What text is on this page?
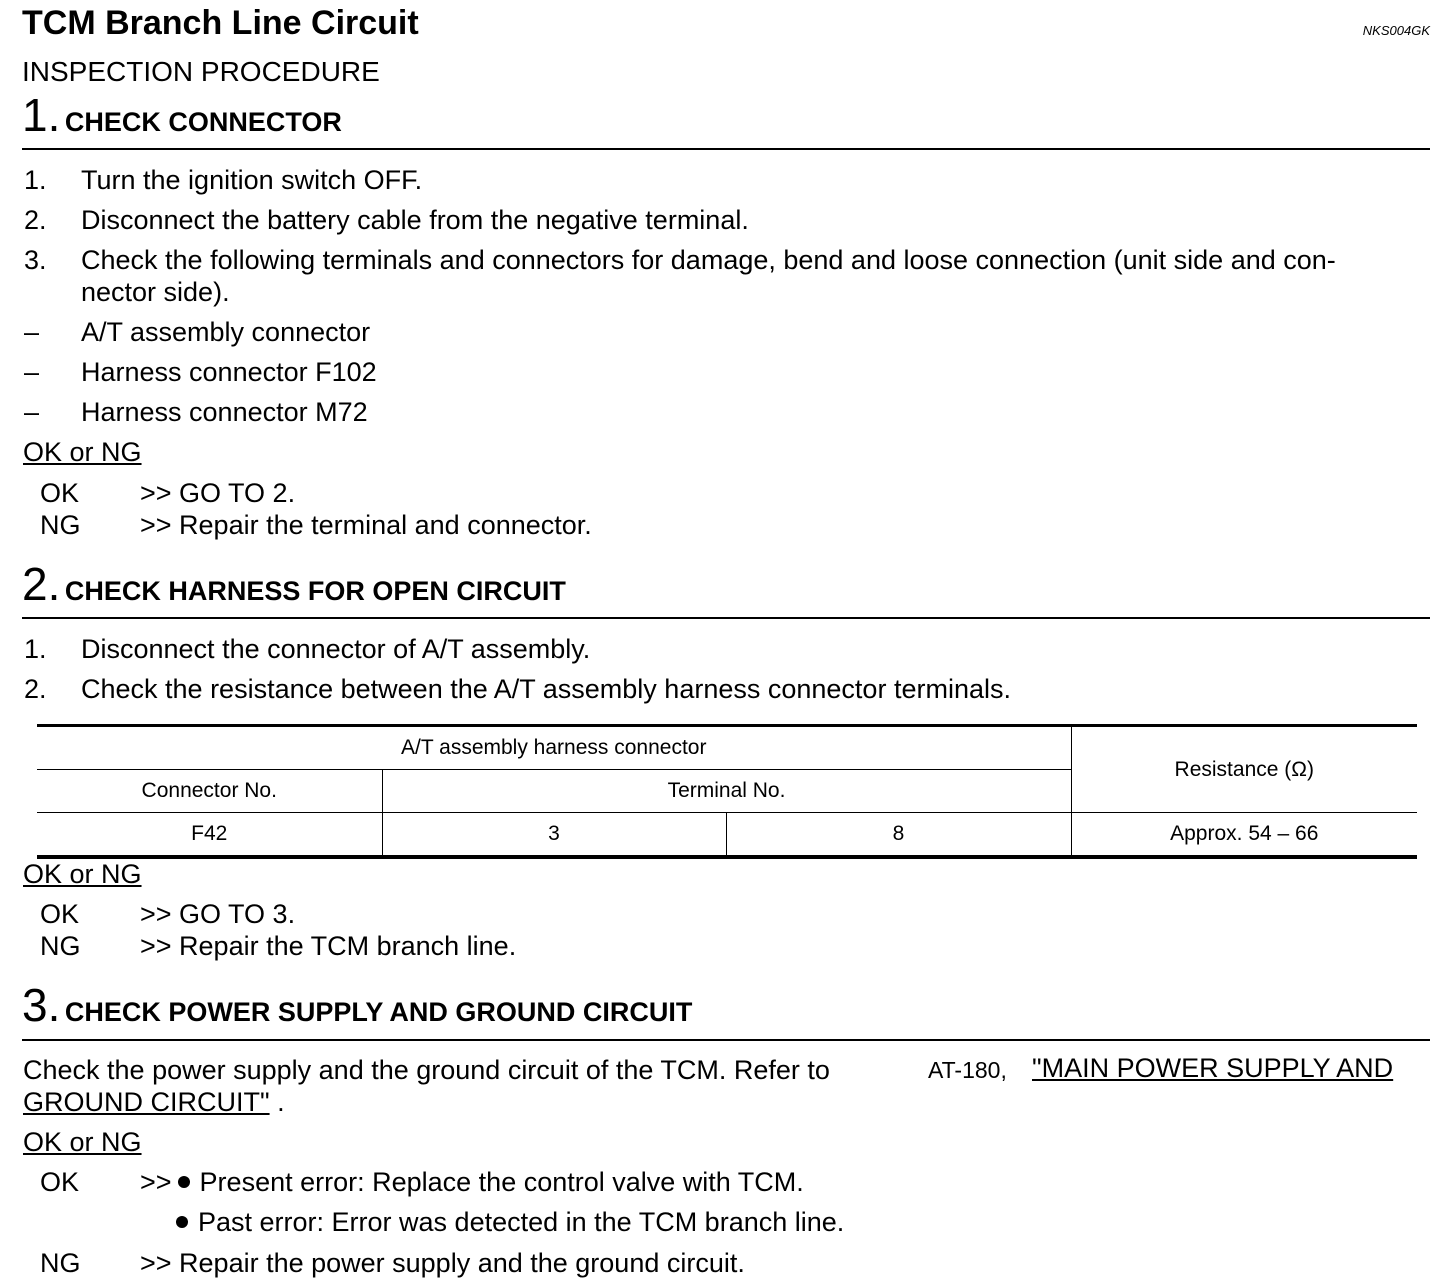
TCM Branch Line Circuit	NKS004GK
INSPECTION PROCEDURE
1. CHECK CONNECTOR
1. Turn the ignition switch OFF.
2. Disconnect the battery cable from the negative terminal.
3. Check the following terminals and connectors for damage, bend and loose connection (unit side and con-
nector side).
– A/T assembly connector
– Harness connector F102
– Harness connector M72
OK or NG
OK >> GO TO 2.
NG >> Repair the terminal and connector.
2. CHECK HARNESS FOR OPEN CIRCUIT
1. Disconnect the connector of A/T assembly.
2. Check the resistance between the A/T assembly harness connector terminals.
A/T assembly harness connector			Resistance (Ω)
Connector No.	Terminal No.		
F42	3	8	Approx. 54 – 66
OK or NG
OK >> GO TO 3.
NG >> Repair the TCM branch line.
3. CHECK POWER SUPPLY AND GROUND CIRCUIT
Check the power supply and the ground circuit of the TCM. Refer to	AT-180, "MAIN POWER SUPPLY AND
GROUND CIRCUIT" .
OK or NG
OK >> Present error: Replace the control valve with TCM.
Past error: Error was detected in the TCM branch line.
NG >> Repair the power supply and the ground circuit.
